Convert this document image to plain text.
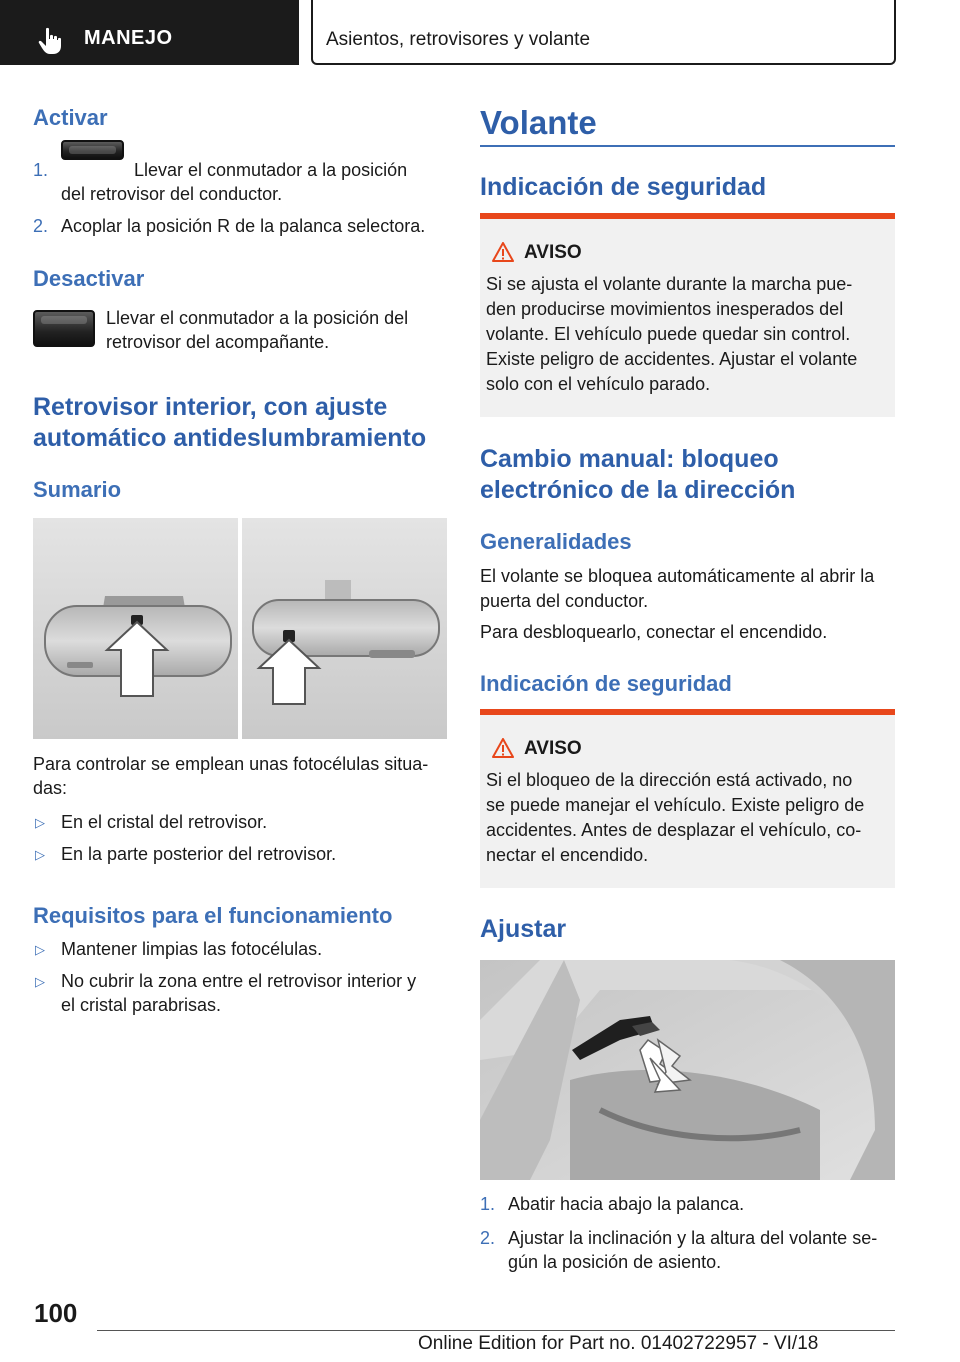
MANEJO	Asientos, retrovisores y volante
Activar
1.	Llevar el conmutador a la posición
del retrovisor del conductor.
2. Acoplar la posición R de la palanca selectora.
Desactivar
Llevar el conmutador a la posición del
retrovisor del acompañante.
Retrovisor interior, con ajuste
automático antideslumbramiento
Sumario
Para controlar se emplean unas fotocélulas situa-
das:
▷ En el cristal del retrovisor.
▷ En la parte posterior del retrovisor.
Requisitos para el funcionamiento
▷ Mantener limpias las fotocélulas.
▷ No cubrir la zona entre el retrovisor interior y
el cristal parabrisas.
Volante
Indicación de seguridad
AVISO
Si se ajusta el volante durante la marcha pue-
den producirse movimientos inesperados del
volante. El vehículo puede quedar sin control.
Existe peligro de accidentes. Ajustar el volante
solo con el vehículo parado.
Cambio manual: bloqueo
electrónico de la dirección
Generalidades
El volante se bloquea automáticamente al abrir la
puerta del conductor.
Para desbloquearlo, conectar el encendido.
Indicación de seguridad
AVISO
Si el bloqueo de la dirección está activado, no
se puede manejar el vehículo. Existe peligro de
accidentes. Antes de desplazar el vehículo, co-
nectar el encendido.
Ajustar
1. Abatir hacia abajo la palanca.
2. Ajustar la inclinación y la altura del volante se-
gún la posición de asiento.
100
Online Edition for Part no. 01402722957 - VI/18
